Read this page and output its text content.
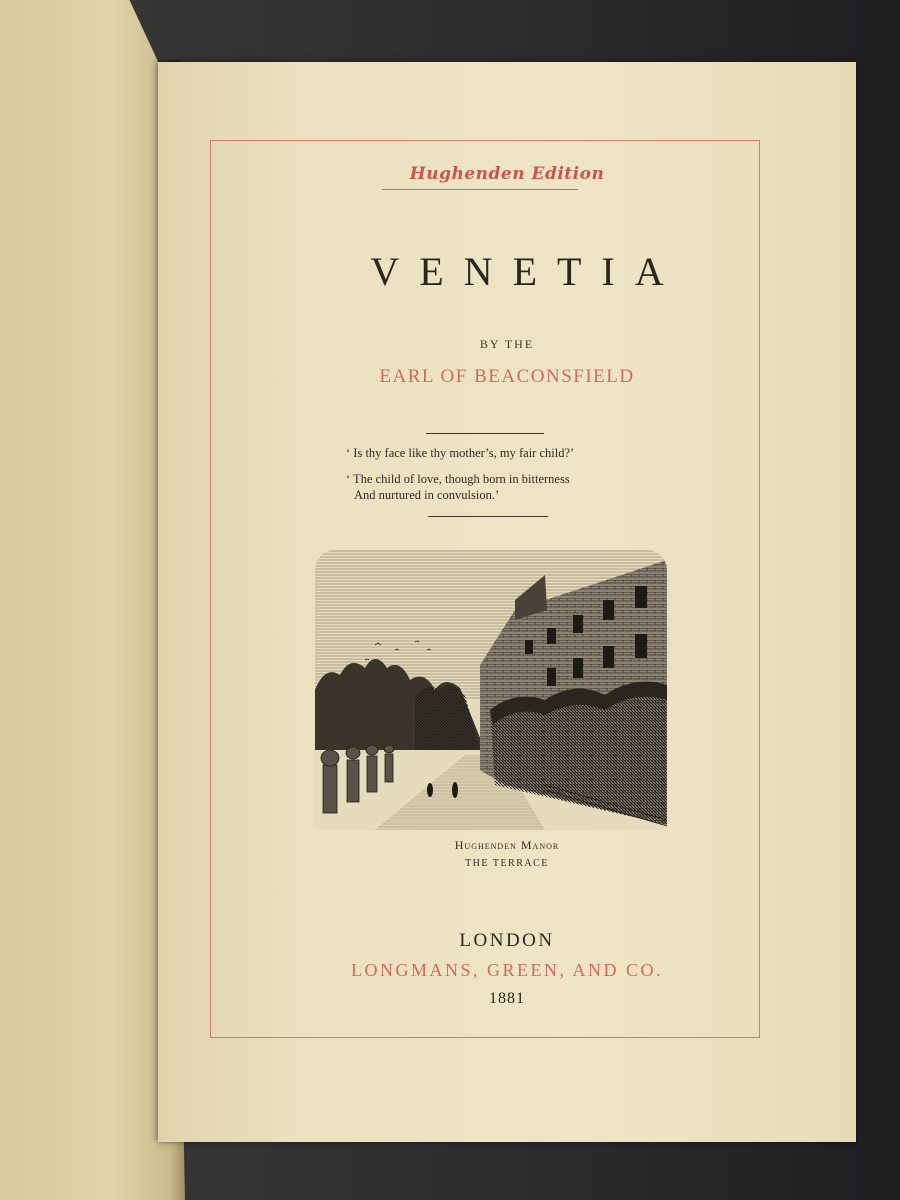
Hughenden Edition
VENETIA
BY THE
EARL OF BEACONSFIELD
‘ Is thy face like thy mother’s, my fair child?’
‘ The child of love, though born in bitterness
And nurtured in convulsion.’
Hughenden Manor
THE TERRACE
LONDON
LONGMANS, GREEN, AND CO.
1881
